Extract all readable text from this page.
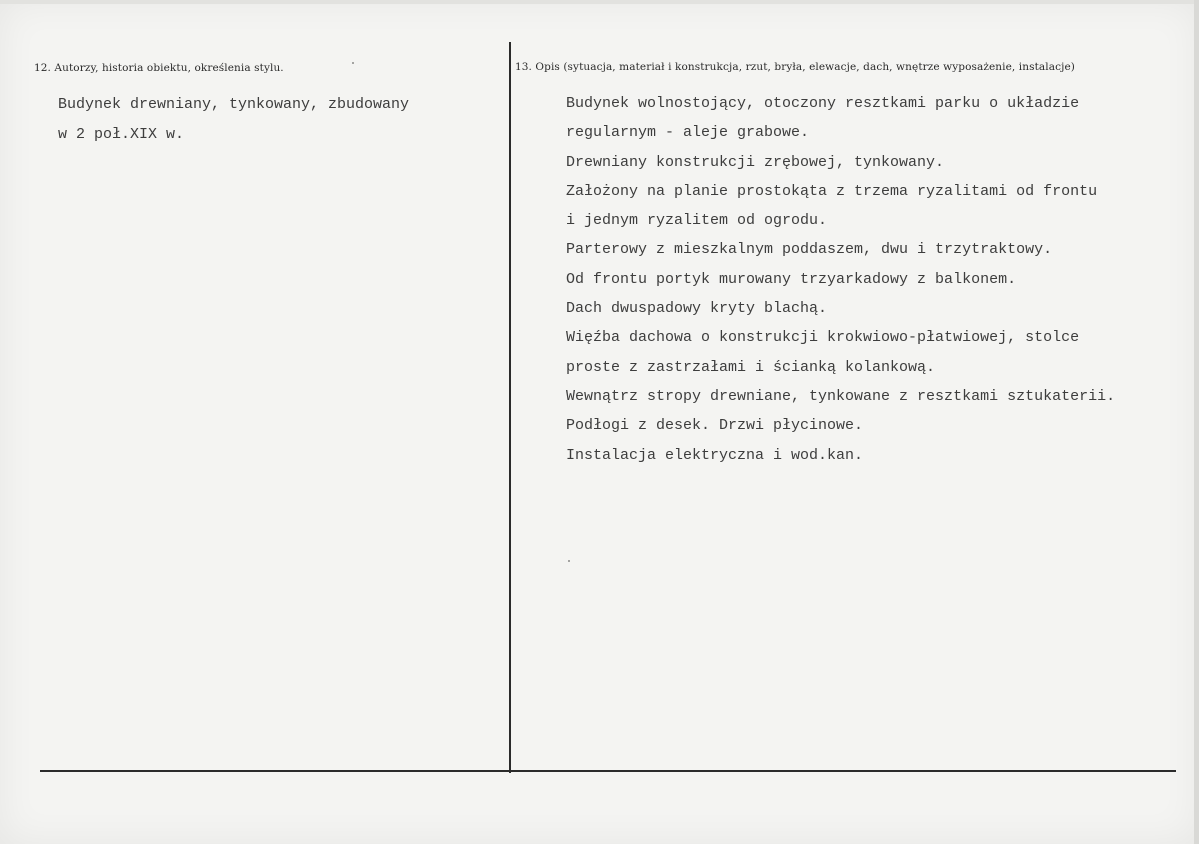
12. Autorzy, historia obiektu, określenia stylu.	13. Opis (sytuacja, materiał i konstrukcja, rzut, bryła, elewacje, dach, wnętrze wyposażenie, instalacje)
Budynek drewniany, tynkowany, zbudowany
w 2 poł.XIX w.
Budynek wolnostojący, otoczony resztkami parku o układzie
regularnym - aleje grabowe.
Drewniany konstrukcji zrębowej, tynkowany.
Założony na planie prostokąta z trzema ryzalitami od frontu
i jednym ryzalitem od ogrodu.
Parterowy z mieszkalnym poddaszem, dwu i trzytraktowy.
Od frontu portyk murowany trzyarkadowy z balkonem.
Dach dwuspadowy kryty blachą.
Więźba dachowa o konstrukcji krokwiowo-płatwiowej, stolce
proste z zastrzałami i ścianką kolankową.
Wewnątrz stropy drewniane, tynkowane z resztkami sztukaterii.
Podłogi z desek. Drzwi płycinowe.
Instalacja elektryczna i wod.kan.
